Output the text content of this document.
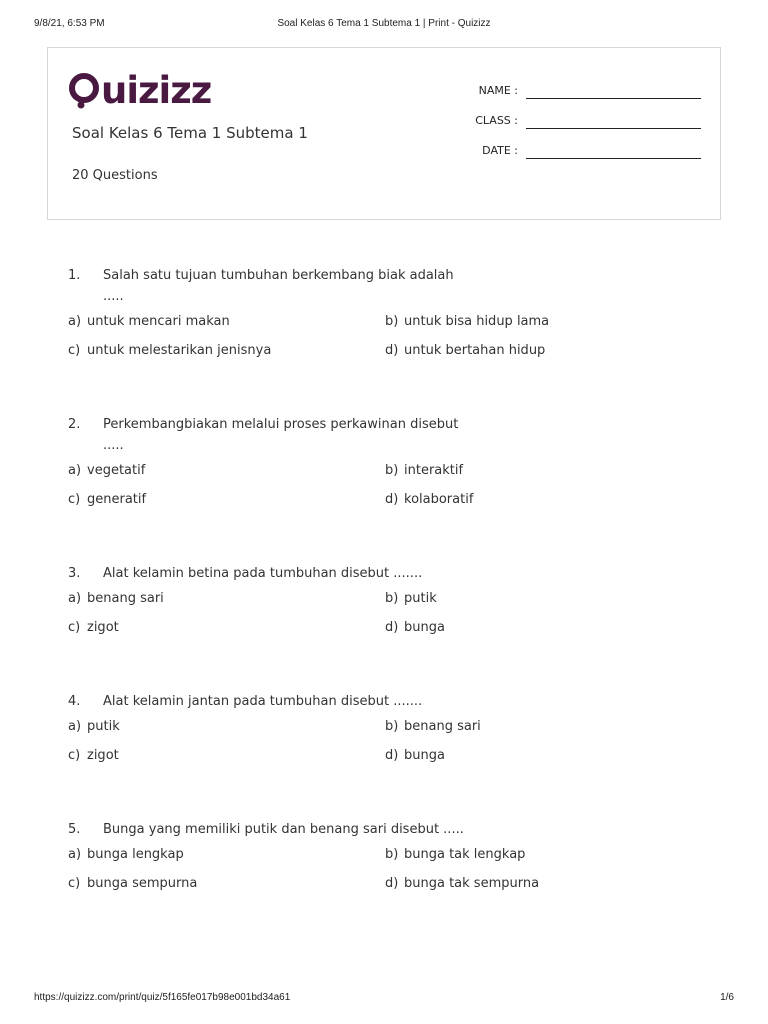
9/8/21, 6:53 PM	Soal Kelas 6 Tema 1 Subtema 1 | Print - Quizizz
uizizz
Soal Kelas 6 Tema 1 Subtema 1
20 Questions
NAME :
CLASS :
DATE :
1.	Salah satu tujuan tumbuhan berkembang biak adalah .....
a) untuk mencari makan	b) untuk bisa hidup lama
c) untuk melestarikan jenisnya	d) untuk bertahan hidup
2.	Perkembangbiakan melalui proses perkawinan disebut .....
a) vegetatif	b) interaktif
c) generatif	d) kolaboratif
3.	Alat kelamin betina pada tumbuhan disebut .......
a) benang sari	b) putik
c) zigot	d) bunga
4.	Alat kelamin jantan pada tumbuhan disebut .......
a) putik	b) benang sari
c) zigot	d) bunga
5.	Bunga yang memiliki putik dan benang sari disebut .....
a) bunga lengkap	b) bunga tak lengkap
c) bunga sempurna	d) bunga tak sempurna
https://quizizz.com/print/quiz/5f165fe017b98e001bd34a61	1/6
